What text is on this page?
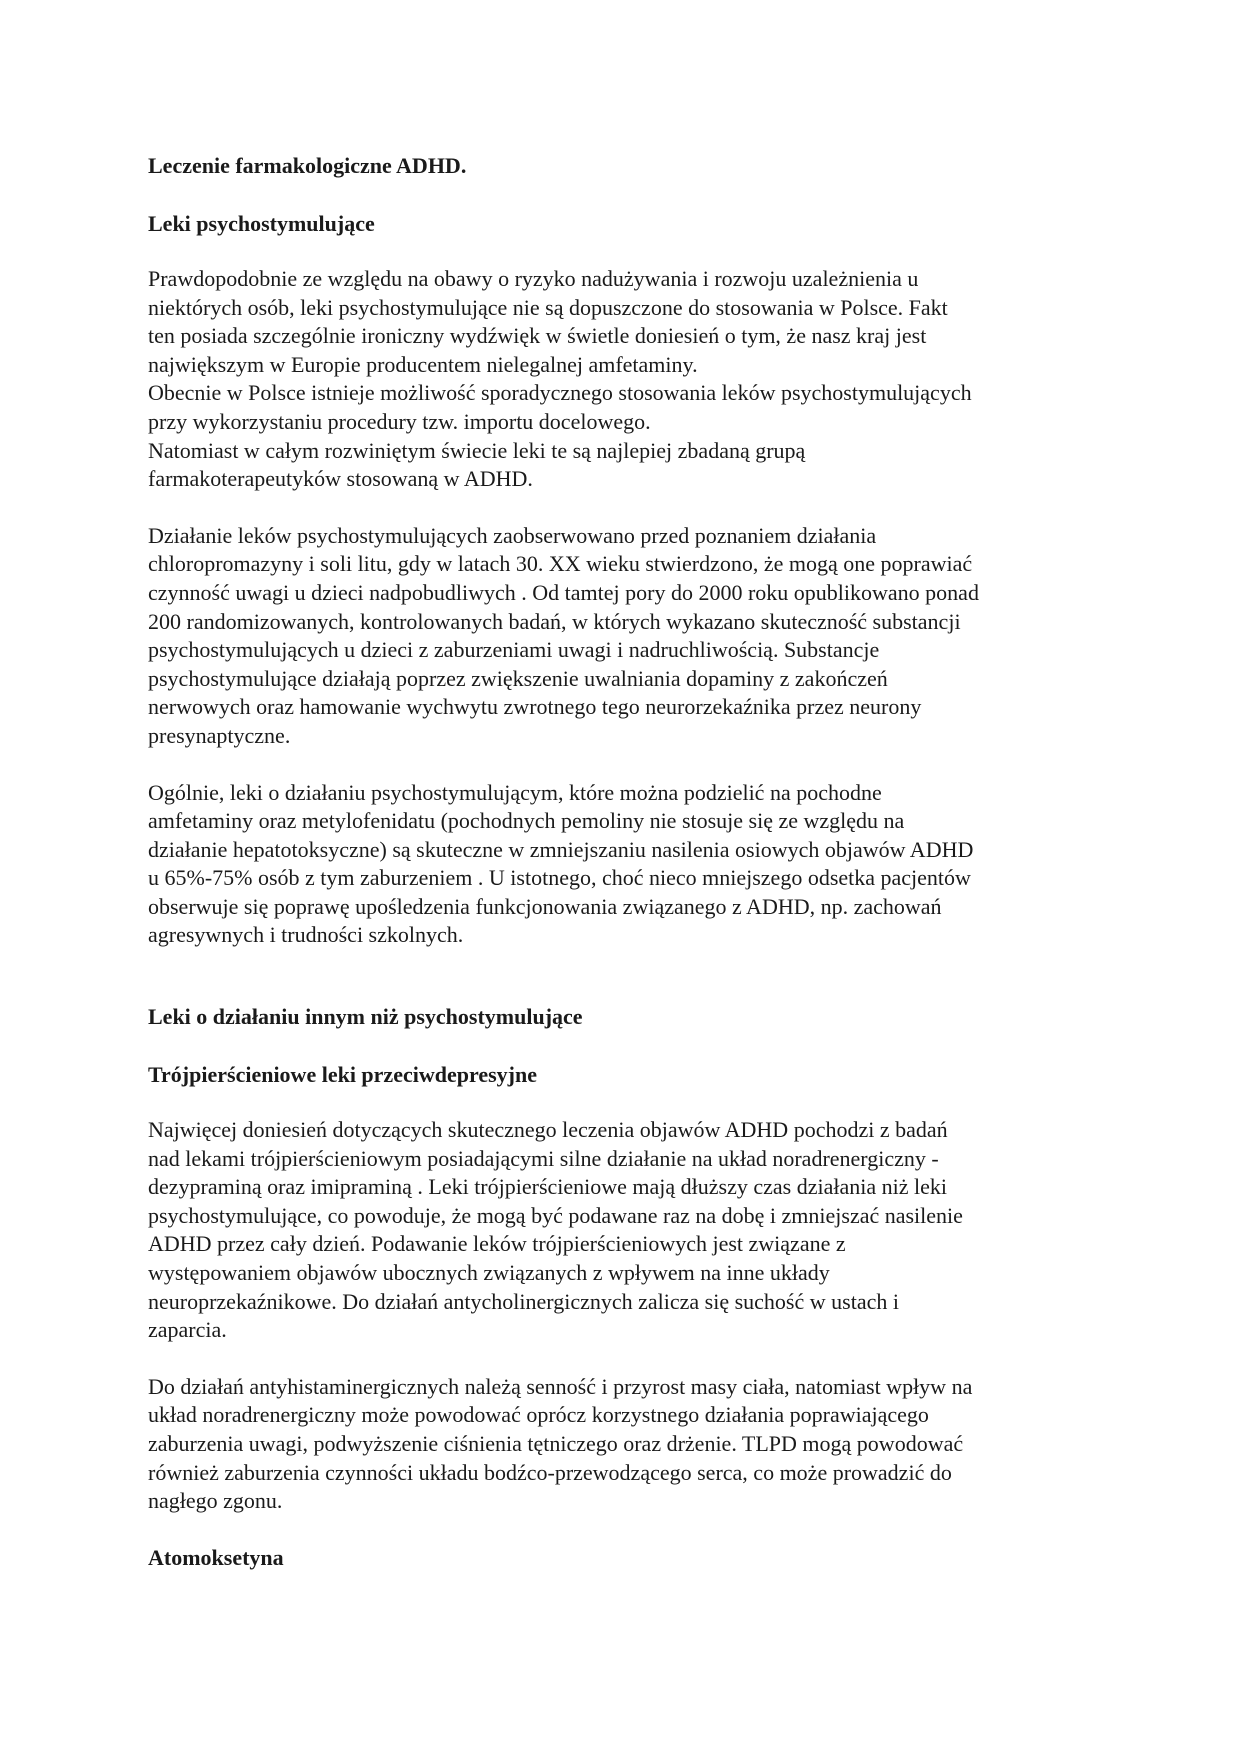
Leczenie farmakologiczne ADHD.
Leki psychostymulujące
Prawdopodobnie ze względu na obawy o ryzyko nadużywania i rozwoju uzależnienia u
niektórych osób, leki psychostymulujące nie są dopuszczone do stosowania w Polsce. Fakt
ten posiada szczególnie ironiczny wydźwięk w świetle doniesień o tym, że nasz kraj jest
największym w Europie producentem nielegalnej amfetaminy.
Obecnie w Polsce istnieje możliwość sporadycznego stosowania leków psychostymulujących
przy wykorzystaniu procedury tzw. importu docelowego.
Natomiast w całym rozwiniętym świecie leki te są najlepiej zbadaną grupą
farmakoterapeutyków stosowaną w ADHD.
Działanie leków psychostymulujących zaobserwowano przed poznaniem działania
chloropromazyny i soli litu, gdy w latach 30. XX wieku stwierdzono, że mogą one poprawiać
czynność uwagi u dzieci nadpobudliwych . Od tamtej pory do 2000 roku opublikowano ponad
200 randomizowanych, kontrolowanych badań, w których wykazano skuteczność substancji
psychostymulujących u dzieci z zaburzeniami uwagi i nadruchliwością. Substancje
psychostymulujące działają poprzez zwiększenie uwalniania dopaminy z zakończeń
nerwowych oraz hamowanie wychwytu zwrotnego tego neurorzekaźnika przez neurony
presynaptyczne.
Ogólnie, leki o działaniu psychostymulującym, które można podzielić na pochodne
amfetaminy oraz metylofenidatu (pochodnych pemoliny nie stosuje się ze względu na
działanie hepatotoksyczne) są skuteczne w zmniejszaniu nasilenia osiowych objawów ADHD
u 65%-75% osób z tym zaburzeniem . U istotnego, choć nieco mniejszego odsetka pacjentów
obserwuje się poprawę upośledzenia funkcjonowania związanego z ADHD, np. zachowań
agresywnych i trudności szkolnych.
Leki o działaniu innym niż psychostymulujące
Trójpierścieniowe leki przeciwdepresyjne
Najwięcej doniesień dotyczących skutecznego leczenia objawów ADHD pochodzi z badań
nad lekami trójpierścieniowym posiadającymi silne działanie na układ noradrenergiczny -
dezypraminą oraz imipraminą . Leki trójpierścieniowe mają dłuższy czas działania niż leki
psychostymulujące, co powoduje, że mogą być podawane raz na dobę i zmniejszać nasilenie
ADHD przez cały dzień. Podawanie leków trójpierścieniowych jest związane z
występowaniem objawów ubocznych związanych z wpływem na inne układy
neuroprzekaźnikowe. Do działań antycholinergicznych zalicza się suchość w ustach i
zaparcia.
Do działań antyhistaminergicznych należą senność i przyrost masy ciała, natomiast wpływ na
układ noradrenergiczny może powodować oprócz korzystnego działania poprawiającego
zaburzenia uwagi, podwyższenie ciśnienia tętniczego oraz drżenie. TLPD mogą powodować
również zaburzenia czynności układu bodźco-przewodzącego serca, co może prowadzić do
nagłego zgonu.
Atomoksetyna
